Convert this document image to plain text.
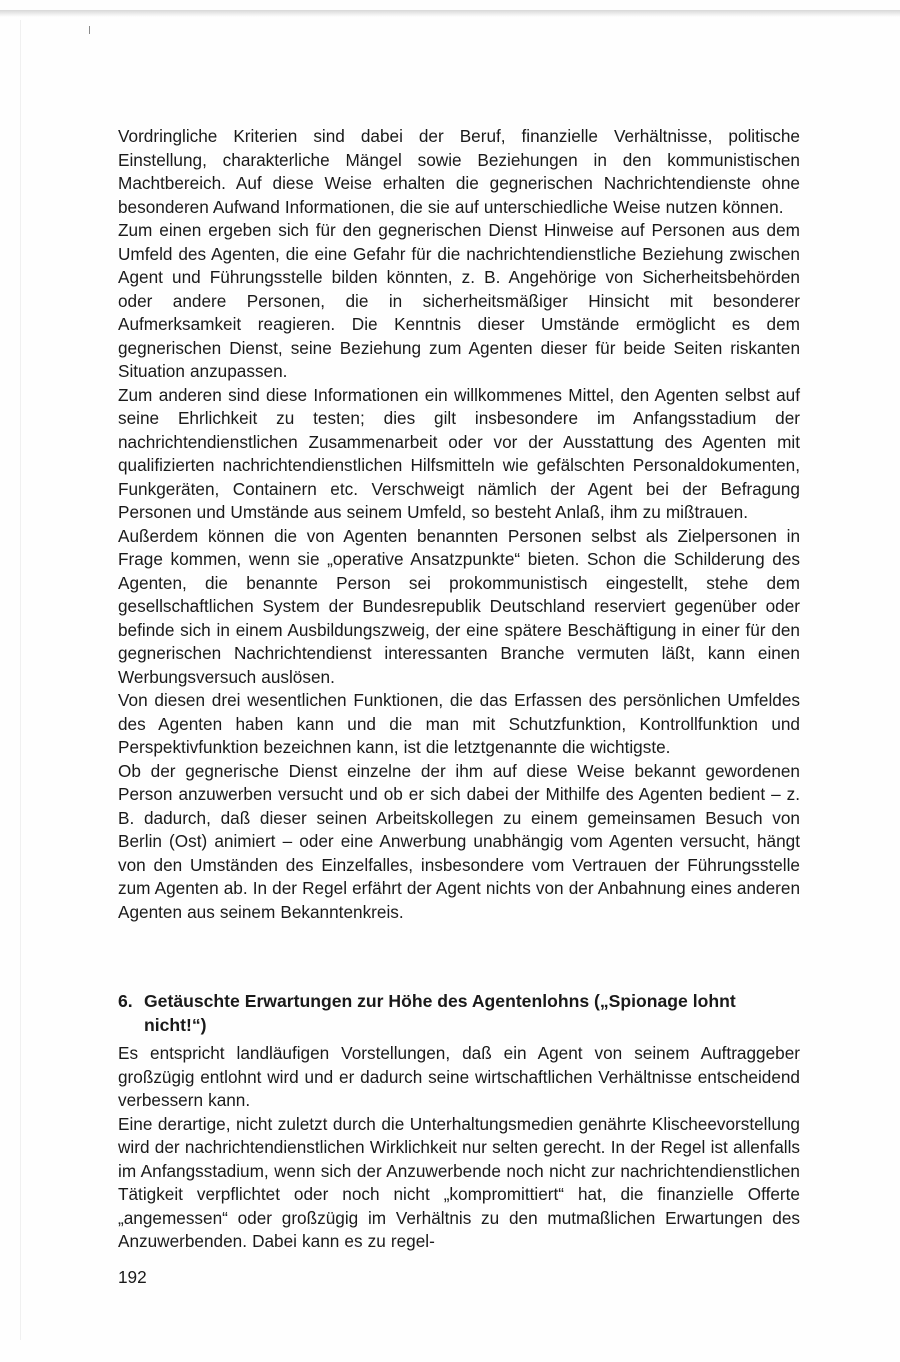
Vordringliche Kriterien sind dabei der Beruf, finanzielle Verhältnisse, politische Einstellung, charakterliche Mängel sowie Beziehungen in den kommunistischen Machtbereich. Auf diese Weise erhalten die gegnerischen Nachrichtendienste ohne besonderen Aufwand Informationen, die sie auf unterschiedliche Weise nutzen können.

Zum einen ergeben sich für den gegnerischen Dienst Hinweise auf Personen aus dem Umfeld des Agenten, die eine Gefahr für die nachrichtendienstliche Beziehung zwischen Agent und Führungsstelle bilden könnten, z. B. Angehörige von Sicherheitsbehörden oder andere Personen, die in sicherheitsmäßiger Hinsicht mit besonderer Aufmerksamkeit reagieren. Die Kenntnis dieser Umstände ermöglicht es dem gegnerischen Dienst, seine Beziehung zum Agenten dieser für beide Seiten riskanten Situation anzupassen.

Zum anderen sind diese Informationen ein willkommenes Mittel, den Agenten selbst auf seine Ehrlichkeit zu testen; dies gilt insbesondere im Anfangsstadium der nachrichtendienstlichen Zusammenarbeit oder vor der Ausstattung des Agenten mit qualifizierten nachrichtendienstlichen Hilfsmitteln wie gefälschten Personaldokumenten, Funkgeräten, Containern etc. Verschweigt nämlich der Agent bei der Befragung Personen und Umstände aus seinem Umfeld, so besteht Anlaß, ihm zu mißtrauen.

Außerdem können die von Agenten benannten Personen selbst als Zielpersonen in Frage kommen, wenn sie „operative Ansatzpunkte“ bieten. Schon die Schilderung des Agenten, die benannte Person sei prokommunistisch eingestellt, stehe dem gesellschaftlichen System der Bundesrepublik Deutschland reserviert gegenüber oder befinde sich in einem Ausbildungszweig, der eine spätere Beschäftigung in einer für den gegnerischen Nachrichtendienst interessanten Branche vermuten läßt, kann einen Werbungsversuch auslösen.

Von diesen drei wesentlichen Funktionen, die das Erfassen des persönlichen Umfeldes des Agenten haben kann und die man mit Schutzfunktion, Kontrollfunktion und Perspektivfunktion bezeichnen kann, ist die letztgenannte die wichtigste.

Ob der gegnerische Dienst einzelne der ihm auf diese Weise bekannt gewordenen Person anzuwerben versucht und ob er sich dabei der Mithilfe des Agenten bedient – z. B. dadurch, daß dieser seinen Arbeitskollegen zu einem gemeinsamen Besuch von Berlin (Ost) animiert – oder eine Anwerbung unabhängig vom Agenten versucht, hängt von den Umständen des Einzelfalles, insbesondere vom Vertrauen der Führungsstelle zum Agenten ab. In der Regel erfährt der Agent nichts von der Anbahnung eines anderen Agenten aus seinem Bekanntenkreis.

6. Getäuschte Erwartungen zur Höhe des Agentenlohns („Spionage lohnt nicht!“)

Es entspricht landläufigen Vorstellungen, daß ein Agent von seinem Auftraggeber großzügig entlohnt wird und er dadurch seine wirtschaftlichen Verhältnisse entscheidend verbessern kann.

Eine derartige, nicht zuletzt durch die Unterhaltungsmedien genährte Klischeevorstellung wird der nachrichtendienstlichen Wirklichkeit nur selten gerecht. In der Regel ist allenfalls im Anfangsstadium, wenn sich der Anzuwerbende noch nicht zur nachrichtendienstlichen Tätigkeit verpflichtet oder noch nicht „kompromittiert“ hat, die finanzielle Offerte „angemessen“ oder großzügig im Verhältnis zu den mutmaßlichen Erwartungen des Anzuwerbenden. Dabei kann es zu regel-

192
